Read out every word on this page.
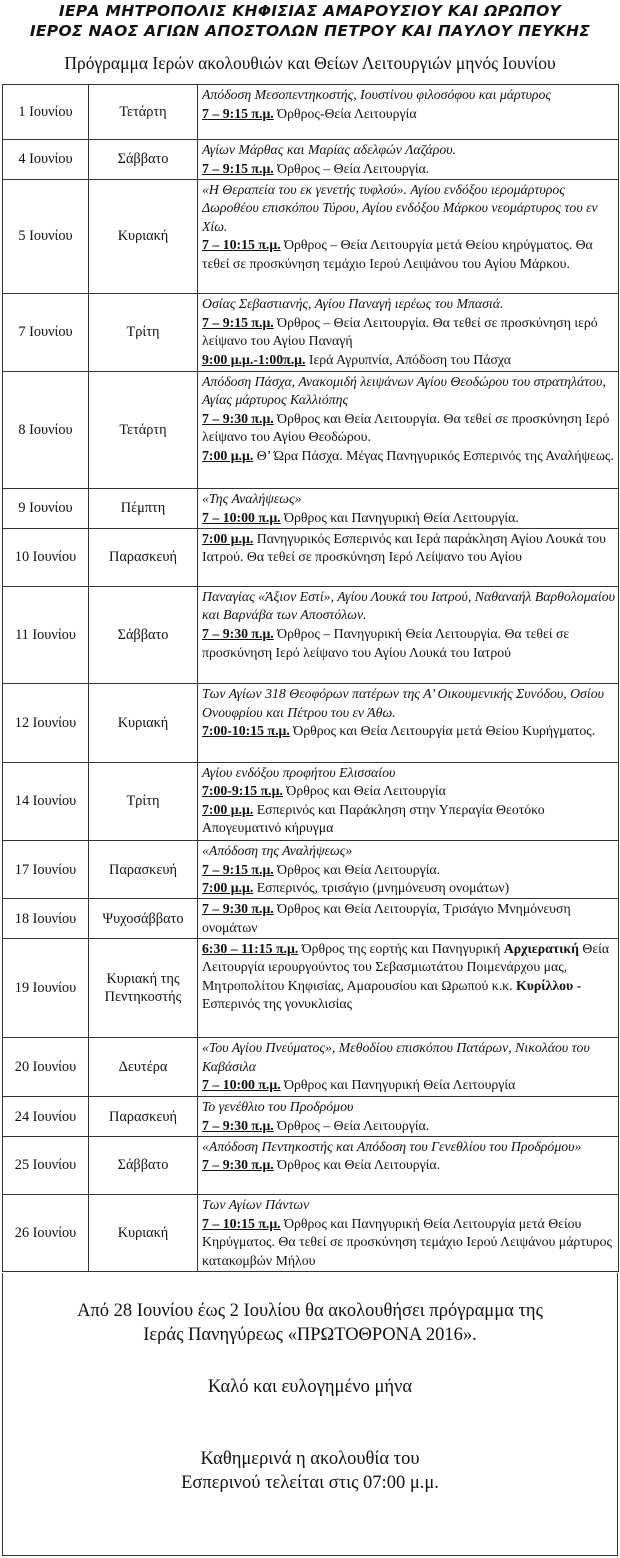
ΙΕΡΑ ΜΗΤΡΟΠΟΛΙΣ ΚΗΦΙΣΙΑΣ ΑΜΑΡΟΥΣΙΟΥ ΚΑΙ ΩΡΩΠΟΥ
ΙΕΡΟΣ ΝΑΟΣ ΑΓΙΩΝ ΑΠΟΣΤΟΛΩΝ ΠΕΤΡΟΥ ΚΑΙ ΠΑΥΛΟΥ ΠΕΥΚΗΣ
Πρόγραμμα Ιερών ακολουθιών και Θείων Λειτουργιών μηνός Ιουνίου
1 Ιουνίου	Τετάρτη	Απόδοση Μεσοπεντηκοστής, Ιουστίνου φιλοσόφου και μάρτυρος
7 – 9:15 π.μ. Όρθρος-Θεία Λειτουργία

4 Ιουνίου	Σάββατο	Αγίων Μάρθας και Μαρίας αδελφών Λαζάρου.
7 – 9:15 π.μ. Όρθρος – Θεία Λειτουργία.

5 Ιουνίου	Κυριακή	«Η Θεραπεία του εκ γενετής τυφλού». Αγίου ενδόξου ιερομάρτυρος Δωροθέου επισκόπου Τύρου, Αγίου ενδόξου Μάρκου νεομάρτυρος του εν Χίω.
7 – 10:15 π.μ. Όρθρος – Θεία Λειτουργία μετά Θείου κηρύγματος. Θα τεθεί σε προσκύνηση τεμάχιο Ιερού Λειψάνου του Αγίου Μάρκου.

7 Ιουνίου	Τρίτη	Οσίας Σεβαστιανής, Αγίου Παναγή ιερέως του Μπασιά.
7 – 9:15 π.μ. Όρθρος – Θεία Λειτουργία. Θα τεθεί σε προσκύνηση ιερό λείψανο του Αγίου Παναγή
9:00 μ.μ.-1:00π.μ. Ιερά Αγρυπνία, Απόδοση του Πάσχα

8 Ιουνίου	Τετάρτη	Απόδοση Πάσχα, Ανακομιδή λειψάνων Αγίου Θεοδώρου του στρατηλάτου, Αγίας μάρτυρος Καλλιόπης
7 – 9:30 π.μ. Όρθρος και Θεία Λειτουργία. Θα τεθεί σε προσκύνηση Ιερό λείψανο του Αγίου Θεοδώρου.
7:00 μ.μ. Θ’ Ώρα Πάσχα. Μέγας Πανηγυρικός Εσπερινός της Αναλήψεως.

9 Ιουνίου	Πέμπτη	«Της Αναλήψεως»
7 – 10:00 π.μ. Όρθρος και Πανηγυρική Θεία Λειτουργία.

10 Ιουνίου	Παρασκευή	7:00 μ.μ. Πανηγυρικός Εσπερινός και Ιερά παράκληση Αγίου Λουκά του Ιατρού. Θα τεθεί σε προσκύνηση Ιερό Λείψανο του Αγίου

11 Ιουνίου	Σάββατο	Παναγίας «Άξιον Εστί», Αγίου Λουκά του Ιατρού, Ναθαναήλ Βαρθολομαίου και Βαρνάβα των Αποστόλων.
7 – 9:30 π.μ. Όρθρος – Πανηγυρική Θεία Λειτουργία. Θα τεθεί σε προσκύνηση Ιερό λείψανο του Αγίου Λουκά του Ιατρού

12 Ιουνίου	Κυριακή	Των Αγίων 318 Θεοφόρων πατέρων της Α’ Οικουμενικής Συνόδου, Οσίου Ονουφρίου και Πέτρου του εν Άθω.
7:00-10:15 π.μ. Όρθρος και Θεία Λειτουργία μετά Θείου Κυρήγματος.

14 Ιουνίου	Τρίτη	Αγίου ενδόξου προφήτου Ελισσαίου
7:00-9:15 π.μ. Όρθρος και Θεία Λειτουργία
7:00 μ.μ. Εσπερινός και Παράκληση στην Υπεραγία Θεοτόκο Απογευματινό κήρυγμα

17 Ιουνίου	Παρασκευή	«Απόδοση της Αναλήψεως»
7 – 9:15 π.μ. Όρθρος και Θεία Λειτουργία.
7:00 μ.μ. Εσπερινός, τρισάγιο (μνημόνευση ονομάτων)

18 Ιουνίου	Ψυχοσάββατο	7 – 9:30 π.μ. Όρθρος και Θεία Λειτουργία, Τρισάγιο Μνημόνευση ονομάτων

19 Ιουνίου	Κυριακή της Πεντηκοστής	6:30 – 11:15 π.μ. Όρθρος της εορτής και Πανηγυρική Αρχιερατική Θεία Λειτουργία ιερουργούντος του Σεβασμιωτάτου Ποιμενάρχου μας, Μητροπολίτου Κηφισίας, Αμαρουσίου και Ωρωπού κ.κ. Κυρίλλου - Εσπερινός της γονυκλισίας

20 Ιουνίου	Δευτέρα	«Του Αγίου Πνεύματος», Μεθοδίου επισκόπου Πατάρων, Νικολάου του Καβάσιλα
7 – 10:00 π.μ. Όρθρος και Πανηγυρική Θεία Λειτουργία

24 Ιουνίου	Παρασκευή	Το γενέθλιο του Προδρόμου
7 – 9:30 π.μ. Όρθρος – Θεία Λειτουργία.

25 Ιουνίου	Σάββατο	«Απόδοση Πεντηκοστής και Απόδοση του Γενεθλίου του Προδρόμου»
7 – 9:30 π.μ. Όρθρος και Θεία Λειτουργία.

26 Ιουνίου	Κυριακή	Των Αγίων Πάντων
7 – 10:15 π.μ. Όρθρος και Πανηγυρική Θεία Λειτουργία μετά Θείου Κηρύγματος. Θα τεθεί σε προσκύνηση τεμάχιο Ιερού Λειψάνου μάρτυρος κατακομβών Μήλου
Από 28 Ιουνίου έως 2 Ιουλίου θα ακολουθήσει πρόγραμμα της
Ιεράς Πανηγύρεως «ΠΡΩΤΟΘΡΟΝΑ 2016».
Καλό και ευλογημένο μήνα
Καθημερινά η ακολουθία του
Εσπερινού τελείται στις 07:00 μ.μ.
